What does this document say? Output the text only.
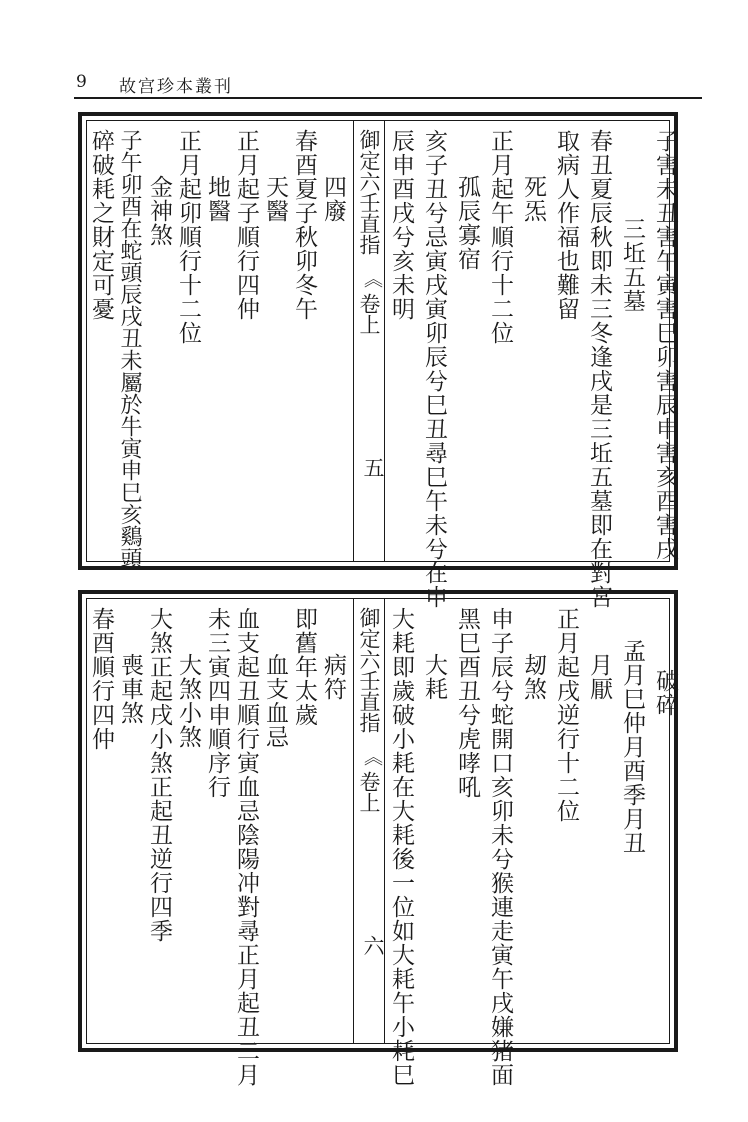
9 故宫珍本叢刊
子害未丑害午寅害巳卯害辰申害亥酉害戌
三坵五墓
春丑夏辰秋即未三冬逢戌是三坵五墓即在對宮
取病人作福也難留
死炁
正月起午順行十二位
孤辰寡宿
亥子丑兮忌寅戌寅卯辰兮巳丑尋巳午未兮在申
辰申酉戌兮亥未明
御定六壬直指
《
卷上
五
四廢
春酉夏子秋卯冬午
天醫
正月起子順行四仲
地醫
正月起卯順行十二位
金神煞
子午卯酉在蛇頭辰戌丑未屬於牛寅申巳亥鷄頭
碎破耗之財定可憂
破碎
孟月巳仲月酉季月丑
月厭
正月起戌逆行十二位
刼煞
申子辰兮蛇開口亥卯未兮猴連走寅午戌嫌猪面
黑巳酉丑兮虎哮吼
大耗
大耗即歲破小耗在大耗後一位如大耗午小耗巳
御定六壬直指
《
卷上
六
病符
即舊年太歲
血支血忌
血支起丑順行寅血忌陰陽冲對尋正月起丑二月
未三寅四申順序行
大煞小煞
大煞正起戌小煞正起丑逆行四季
喪車煞
春酉順行四仲
